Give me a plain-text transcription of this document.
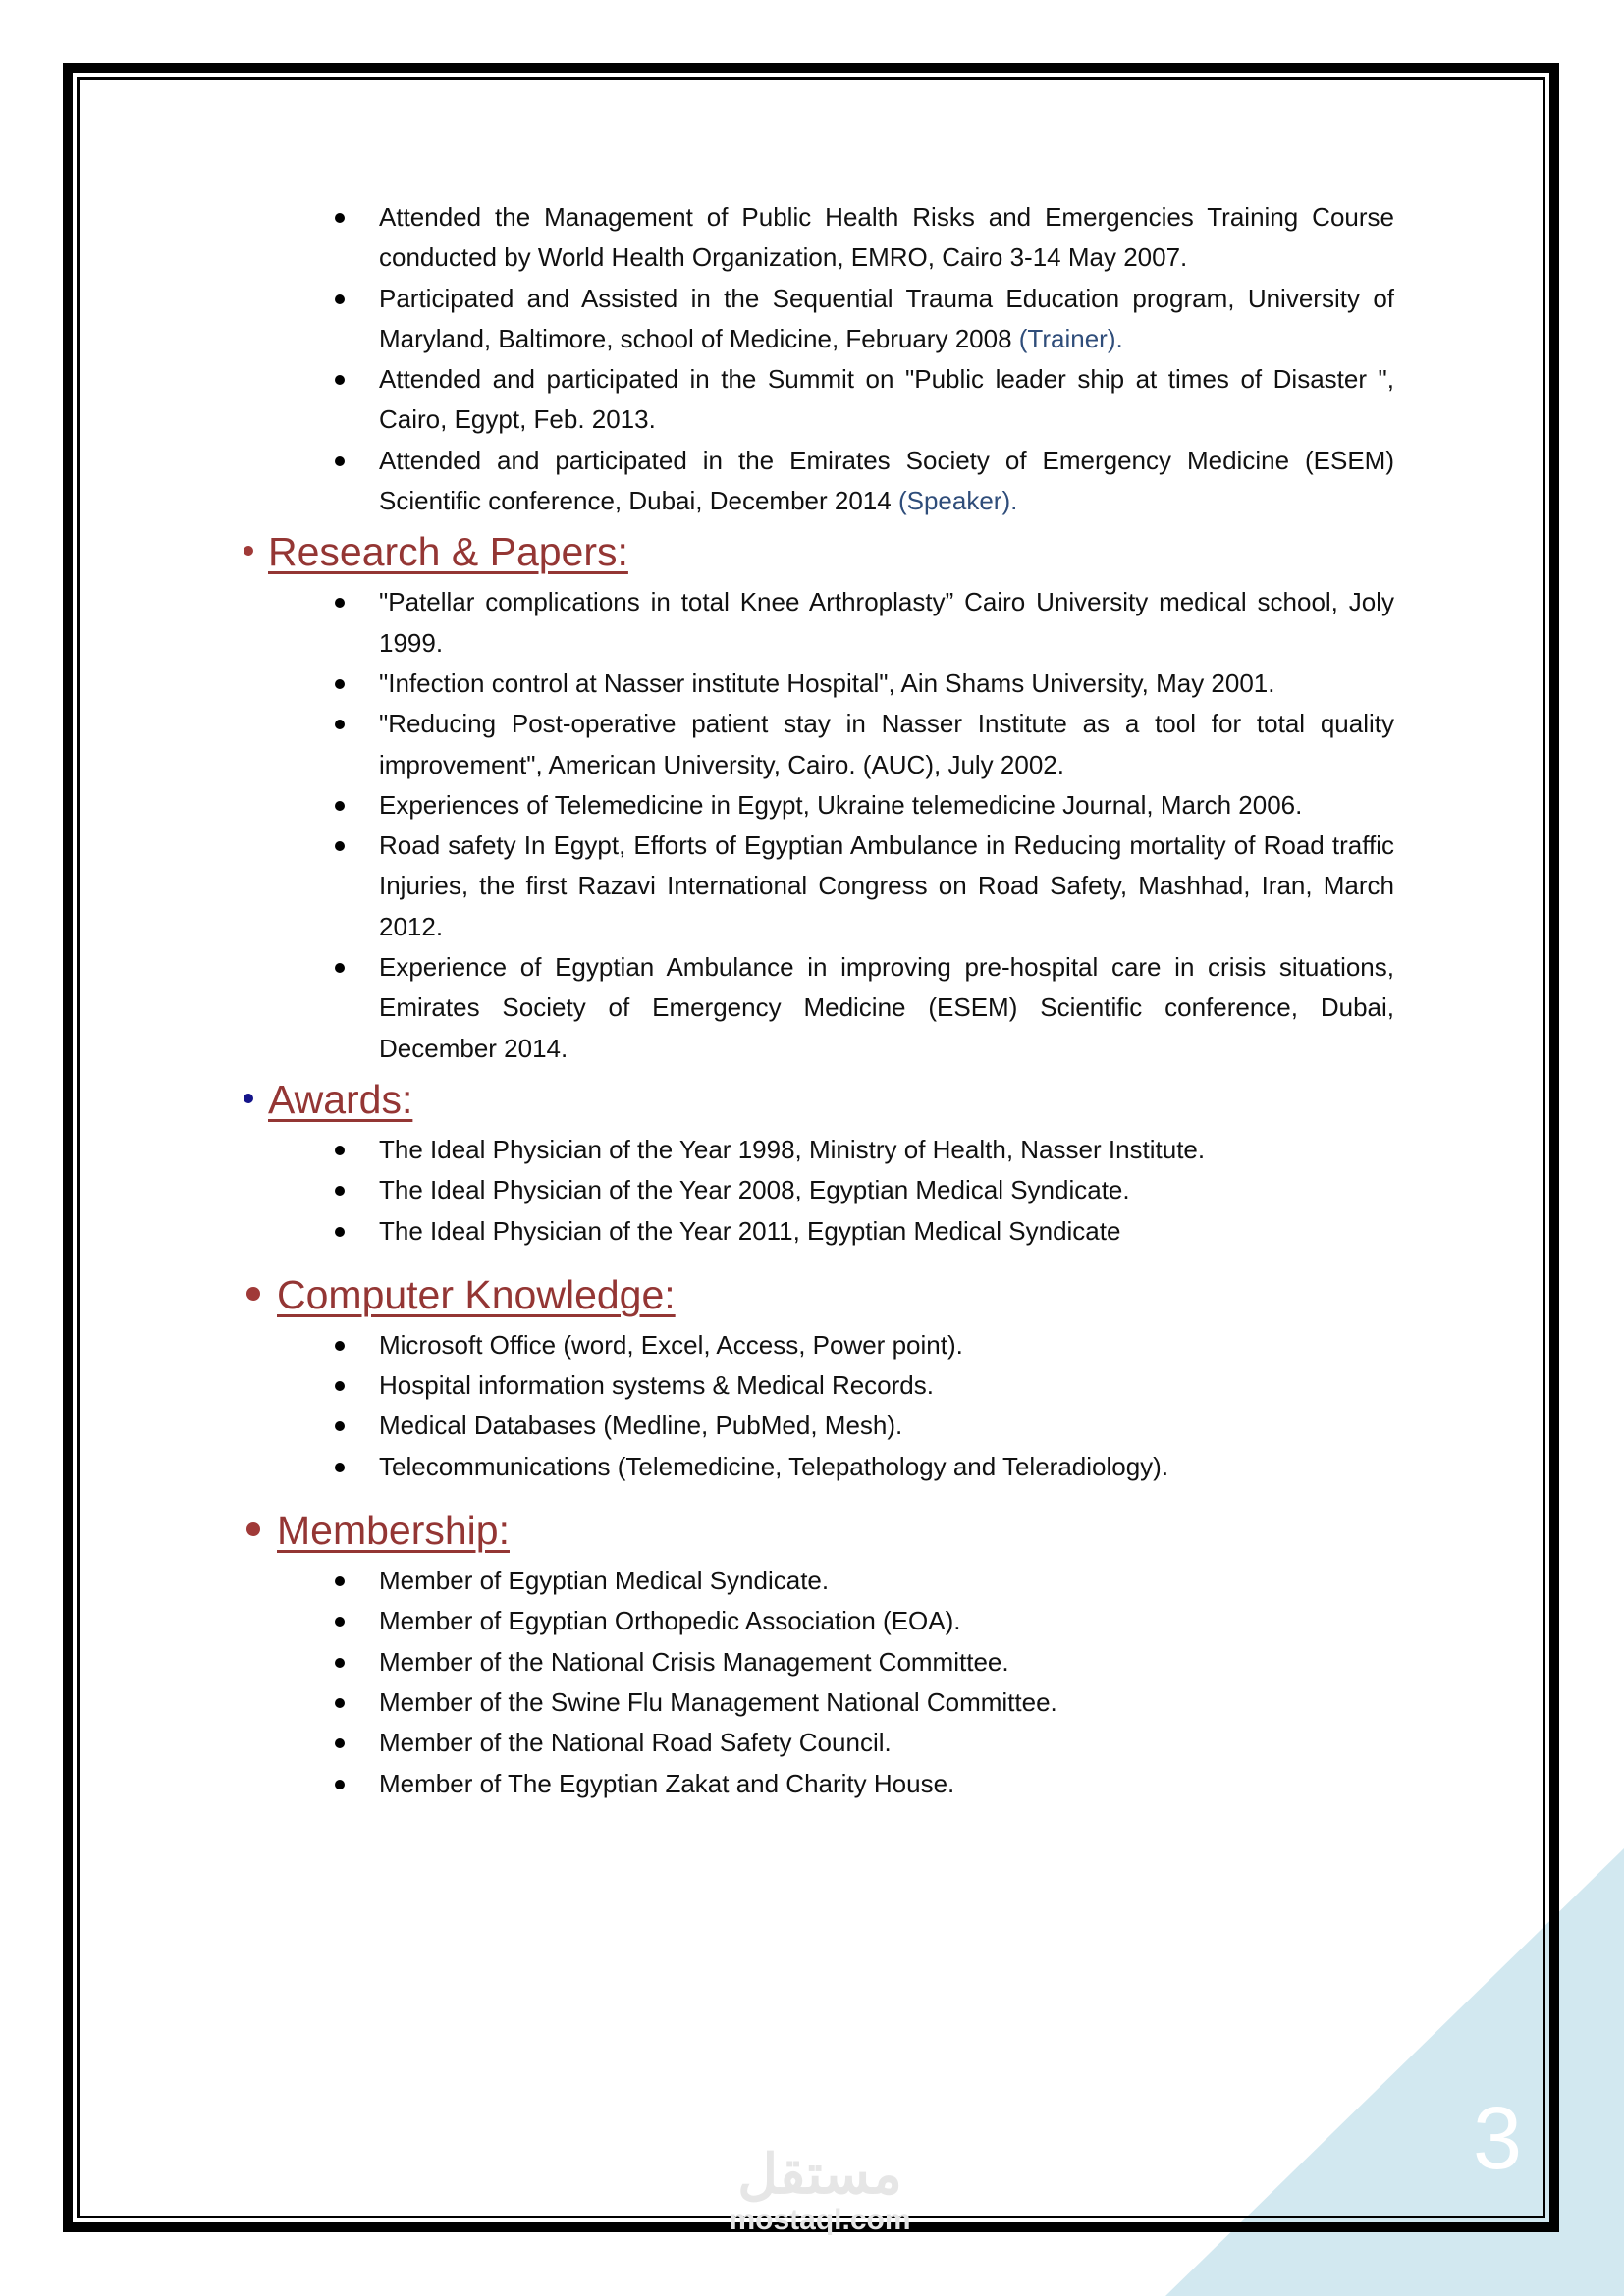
Attended the Management of Public Health Risks and Emergencies Training Course conducted by World Health Organization, EMRO, Cairo 3-14 May 2007.
Participated and Assisted in the Sequential Trauma Education program, University of Maryland, Baltimore, school of Medicine, February 2008 (Trainer).
Attended and participated in the Summit on "Public leader ship at times of Disaster ", Cairo, Egypt, Feb. 2013.
Attended and participated in the Emirates Society of Emergency Medicine (ESEM) Scientific conference, Dubai, December 2014 (Speaker).
Research & Papers:
"Patellar complications in total Knee Arthroplasty” Cairo University medical school, Joly 1999.
"Infection control at Nasser institute Hospital", Ain Shams University, May 2001.
"Reducing Post-operative patient stay in Nasser Institute as a tool for total quality improvement", American University, Cairo. (AUC), July 2002.
Experiences of Telemedicine in Egypt, Ukraine telemedicine Journal, March 2006.
Road safety In Egypt, Efforts of Egyptian Ambulance in Reducing mortality of Road traffic Injuries, the first Razavi International Congress on Road Safety, Mashhad, Iran, March 2012.
Experience of Egyptian Ambulance in improving pre-hospital care in crisis situations, Emirates Society of Emergency Medicine (ESEM) Scientific conference, Dubai, December 2014.
Awards:
The Ideal Physician of the Year 1998, Ministry of Health, Nasser Institute.
The Ideal Physician of the Year 2008, Egyptian Medical Syndicate.
The Ideal Physician of the Year 2011, Egyptian Medical Syndicate
Computer Knowledge:
Microsoft Office (word, Excel, Access, Power point).
Hospital information systems & Medical Records.
Medical Databases (Medline, PubMed, Mesh).
Telecommunications (Telemedicine, Telepathology and Teleradiology).
Membership:
Member of Egyptian Medical Syndicate.
Member of Egyptian Orthopedic Association (EOA).
Member of the National Crisis Management Committee.
Member of the Swine Flu Management National Committee.
Member of the National Road Safety Council.
Member of The Egyptian Zakat and Charity House.
3
مستقل
mostaql.com
